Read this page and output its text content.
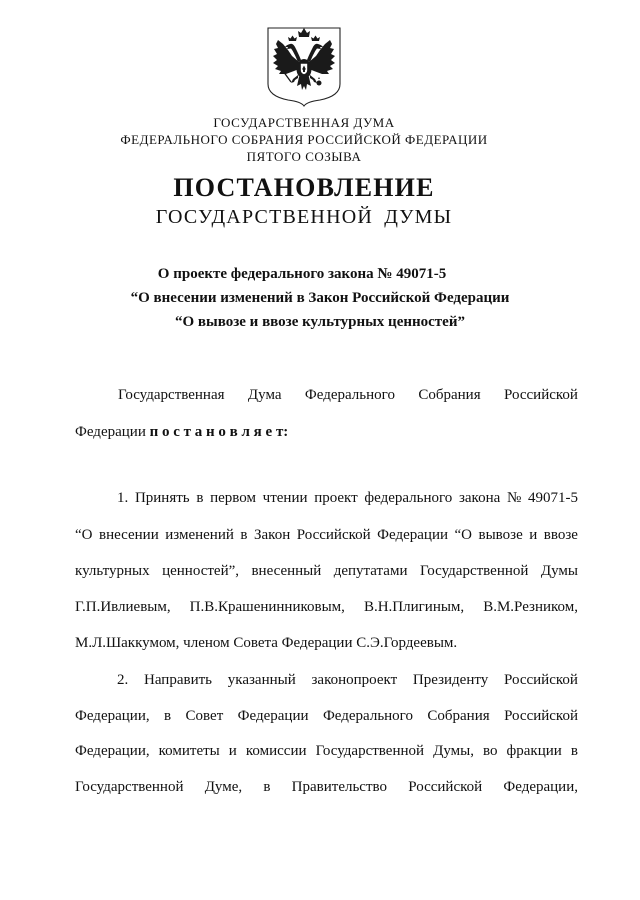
ГОСУДАРСТВЕННАЯ ДУМА
ФЕДЕРАЛЬНОГО СОБРАНИЯ РОССИЙСКОЙ ФЕДЕРАЦИИ
ПЯТОГО СОЗЫВА
ПОСТАНОВЛЕНИЕ
ГОСУДАРСТВЕННОЙ ДУМЫ
О проекте федерального закона № 49071-5
“О внесении изменений в Закон Российской Федерации
“О вывозе и ввозе культурных ценностей”
Государственная Дума Федерального Собрания Российской
Федерации п о с т а н о в л я е т:
1. Принять в первом чтении проект федерального закона № 49071-5
“О внесении изменений в Закон Российской Федерации “О вывозе и ввозе
культурных ценностей”, внесенный депутатами Государственной Думы
Г.П.Ивлиевым, П.В.Крашенинниковым, В.Н.Плигиным, В.М.Резником,
М.Л.Шаккумом, членом Совета Федерации С.Э.Гордеевым.
2. Направить указанный законопроект Президенту Российской
Федерации, в Совет Федерации Федерального Собрания Российской
Федерации, комитеты и комиссии Государственной Думы, во фракции в
Государственной Думе, в Правительство Российской Федерации,
